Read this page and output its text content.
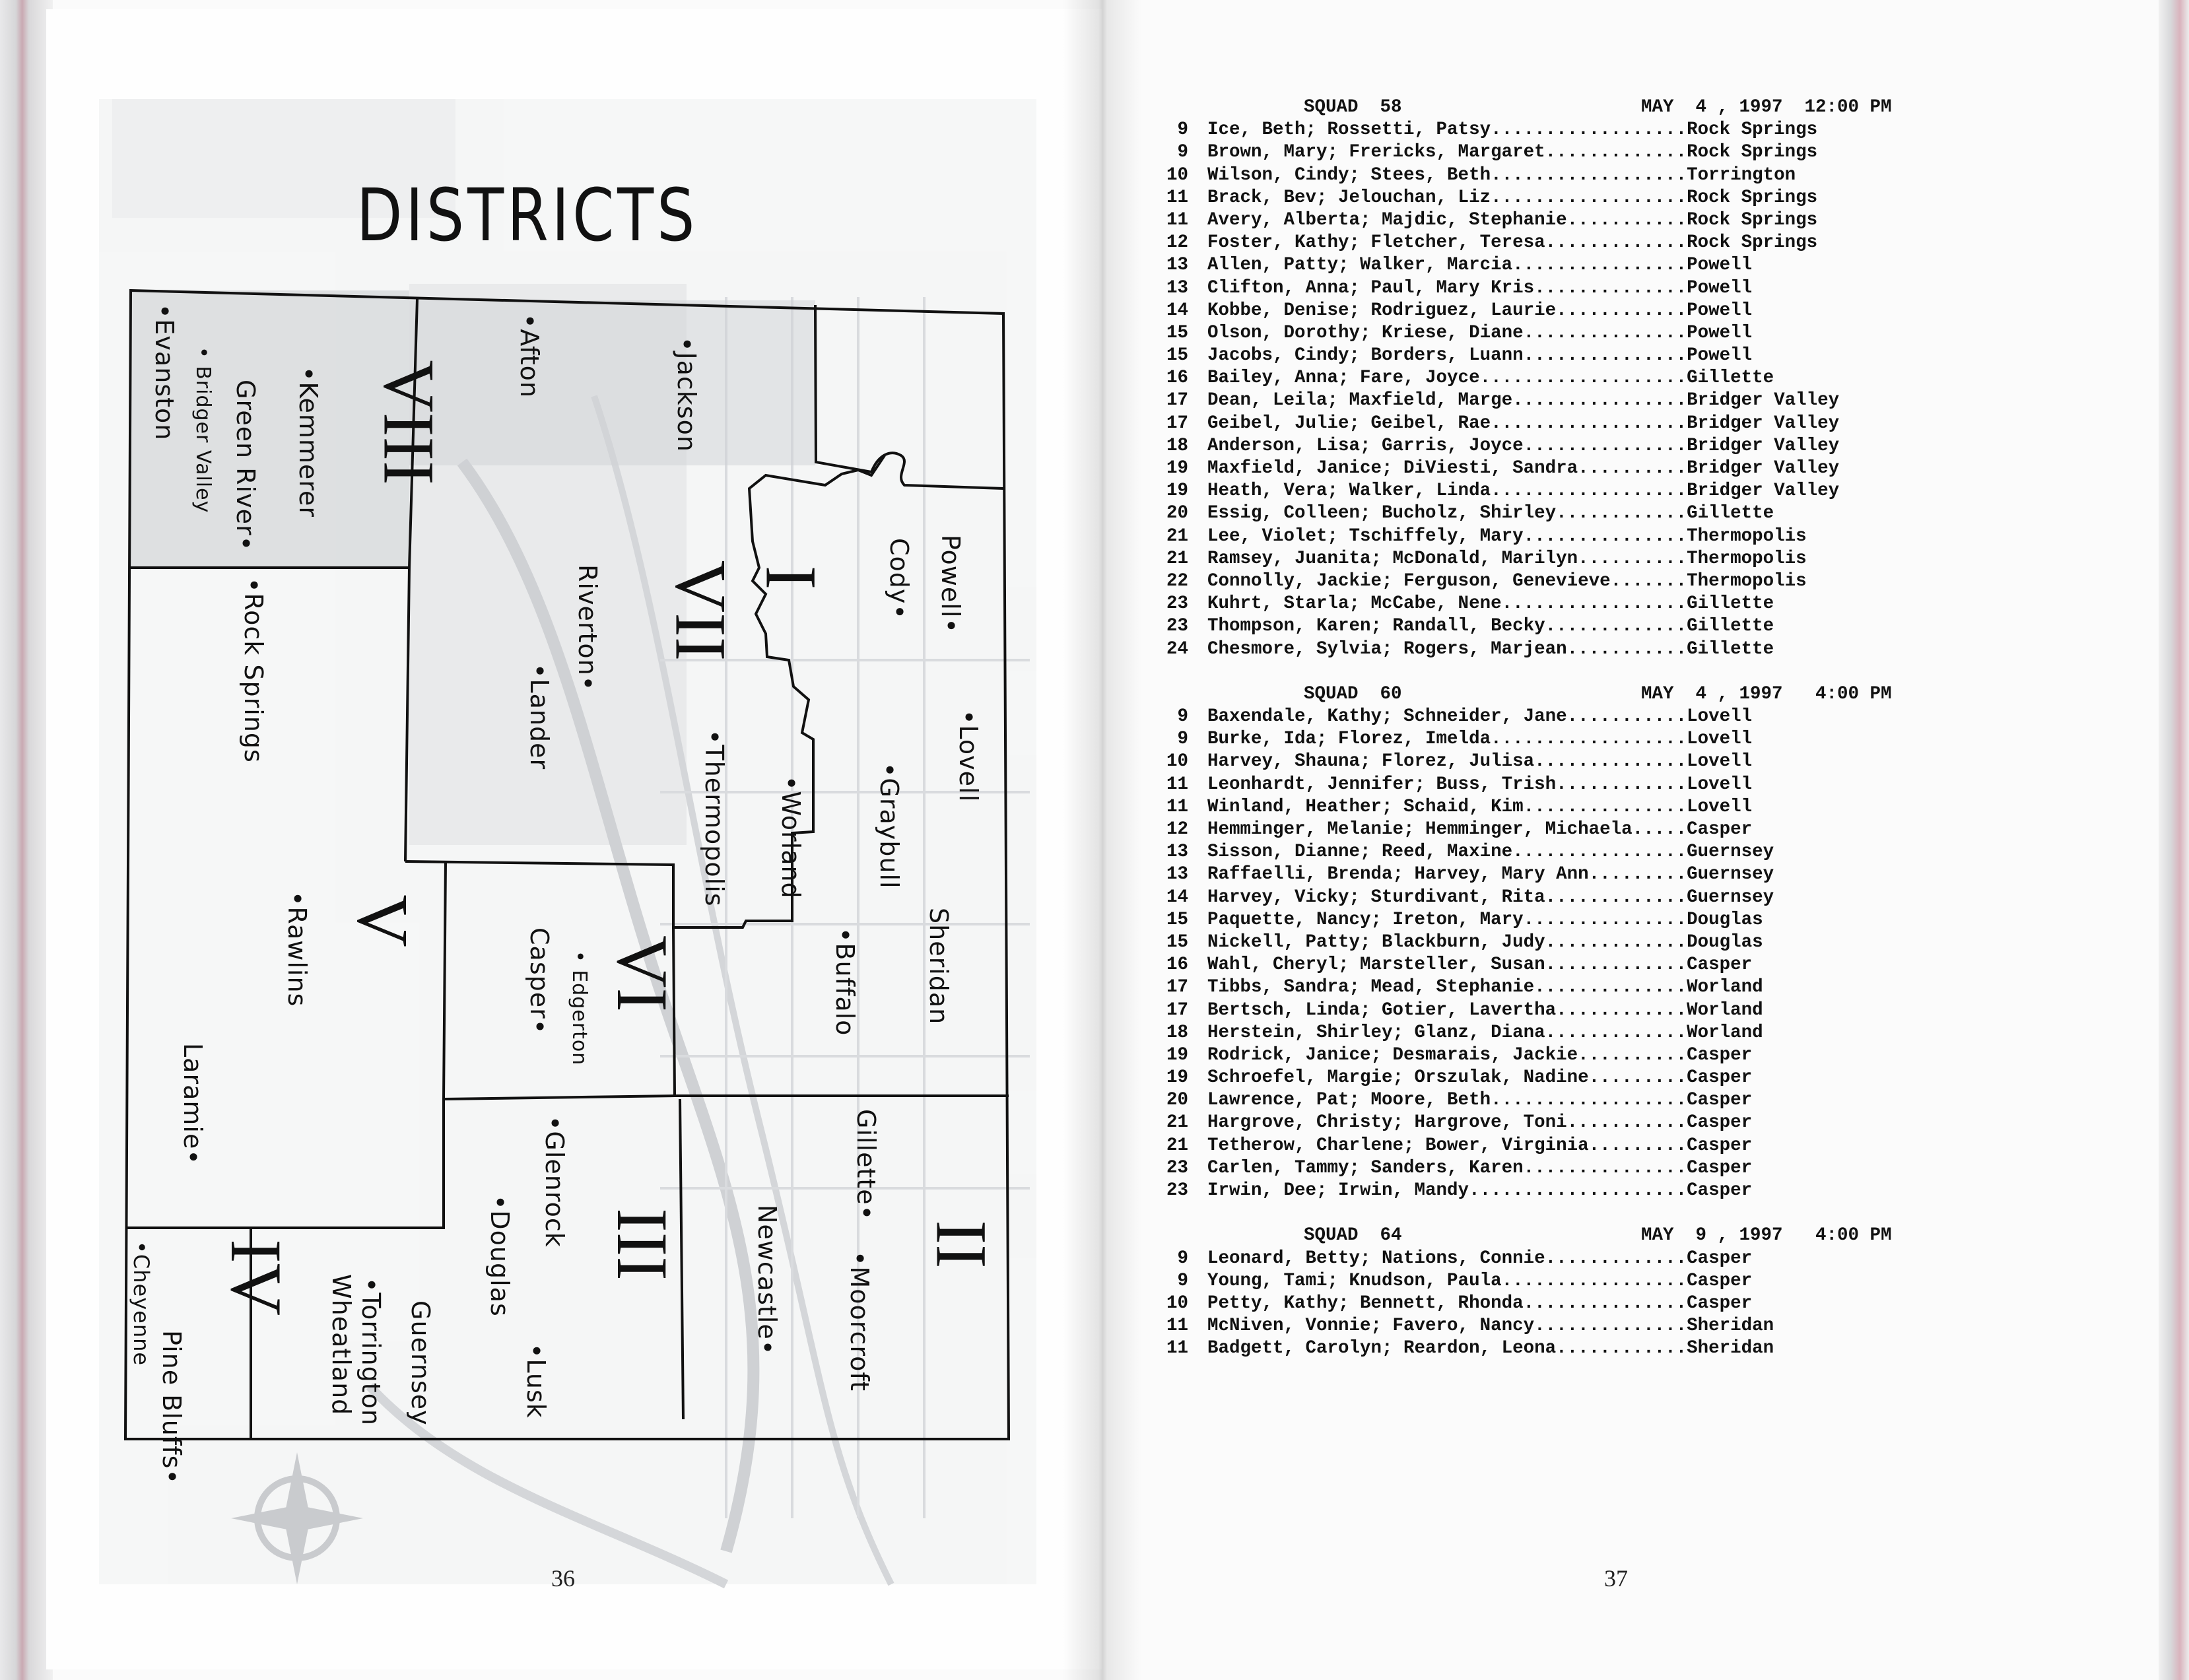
DISTRICTS
•Evanston • Bridger Valley Green River• •Kemmerer VIII
•Afton	•Jackson
VII
Riverton•
•Lander
•Thermopolis
I Cody• Powell•
•Lovell
•Graybull
•Worland
•Rock Springs
V
•Rawlins
Laramie•
VI
Casper• • Edgerton	Sheridan
•Buffalo
Gillette•
II
•Moorcroft
Newcastle•
III
•Glenrock
•Douglas
•Lusk
Guernsey
•Torrington
Wheatland
IV
•Cheyenne
Pine Bluffs•
36
SQUAD  58	MAY  4 , 1997  12:00 PM
9 Ice, Beth; Rossetti, Patsy .................. Rock Springs
9 Brown, Mary; Frericks, Margaret ............. Rock Springs
10 Wilson, Cindy; Stees, Beth .................. Torrington
11 Brack, Bev; Jelouchan, Liz .................. Rock Springs
11 Avery, Alberta; Majdic, Stephanie ........... Rock Springs
12 Foster, Kathy; Fletcher, Teresa ............. Rock Springs
13 Allen, Patty; Walker, Marcia ................ Powell
13 Clifton, Anna; Paul, Mary Kris .............. Powell
14 Kobbe, Denise; Rodriguez, Laurie ............ Powell
15 Olson, Dorothy; Kriese, Diane ............... Powell
15 Jacobs, Cindy; Borders, Luann ............... Powell
16 Bailey, Anna; Fare, Joyce ................... Gillette
17 Dean, Leila; Maxfield, Marge ................ Bridger Valley
17 Geibel, Julie; Geibel, Rae .................. Bridger Valley
18 Anderson, Lisa; Garris, Joyce ............... Bridger Valley
19 Maxfield, Janice; DiViesti, Sandra .......... Bridger Valley
19 Heath, Vera; Walker, Linda .................. Bridger Valley
20 Essig, Colleen; Bucholz, Shirley ............ Gillette
21 Lee, Violet; Tschiffely, Mary ............... Thermopolis
21 Ramsey, Juanita; McDonald, Marilyn .......... Thermopolis
22 Connolly, Jackie; Ferguson, Genevieve ....... Thermopolis
23 Kuhrt, Starla; McCabe, Nene ................. Gillette
23 Thompson, Karen; Randall, Becky ............. Gillette
24 Chesmore, Sylvia; Rogers, Marjean ........... Gillette
SQUAD  60	MAY  4 , 1997   4:00 PM
9 Baxendale, Kathy; Schneider, Jane ........... Lovell
9 Burke, Ida; Florez, Imelda .................. Lovell
10 Harvey, Shauna; Florez, Julisa .............. Lovell
11 Leonhardt, Jennifer; Buss, Trish ............ Lovell
11 Winland, Heather; Schaid, Kim ............... Lovell
12 Hemminger, Melanie; Hemminger, Michaela ..... Casper
13 Sisson, Dianne; Reed, Maxine ................ Guernsey
13 Raffaelli, Brenda; Harvey, Mary Ann ......... Guernsey
14 Harvey, Vicky; Sturdivant, Rita ............. Guernsey
15 Paquette, Nancy; Ireton, Mary ............... Douglas
15 Nickell, Patty; Blackburn, Judy ............. Douglas
16 Wahl, Cheryl; Marsteller, Susan ............. Casper
17 Tibbs, Sandra; Mead, Stephanie .............. Worland
17 Bertsch, Linda; Gotier, Lavertha ............ Worland
18 Herstein, Shirley; Glanz, Diana ............. Worland
19 Rodrick, Janice; Desmarais, Jackie .......... Casper
19 Schroefel, Margie; Orszulak, Nadine ......... Casper
20 Lawrence, Pat; Moore, Beth .................. Casper
21 Hargrove, Christy; Hargrove, Toni ........... Casper
21 Tetherow, Charlene; Bower, Virginia ......... Casper
23 Carlen, Tammy; Sanders, Karen ............... Casper
23 Irwin, Dee; Irwin, Mandy .................... Casper
SQUAD  64	MAY  9 , 1997   4:00 PM
9 Leonard, Betty; Nations, Connie ............. Casper
9 Young, Tami; Knudson, Paula ................. Casper
10 Petty, Kathy; Bennett, Rhonda ............... Casper
11 McNiven, Vonnie; Favero, Nancy .............. Sheridan
11 Badgett, Carolyn; Reardon, Leona ............ Sheridan
37
